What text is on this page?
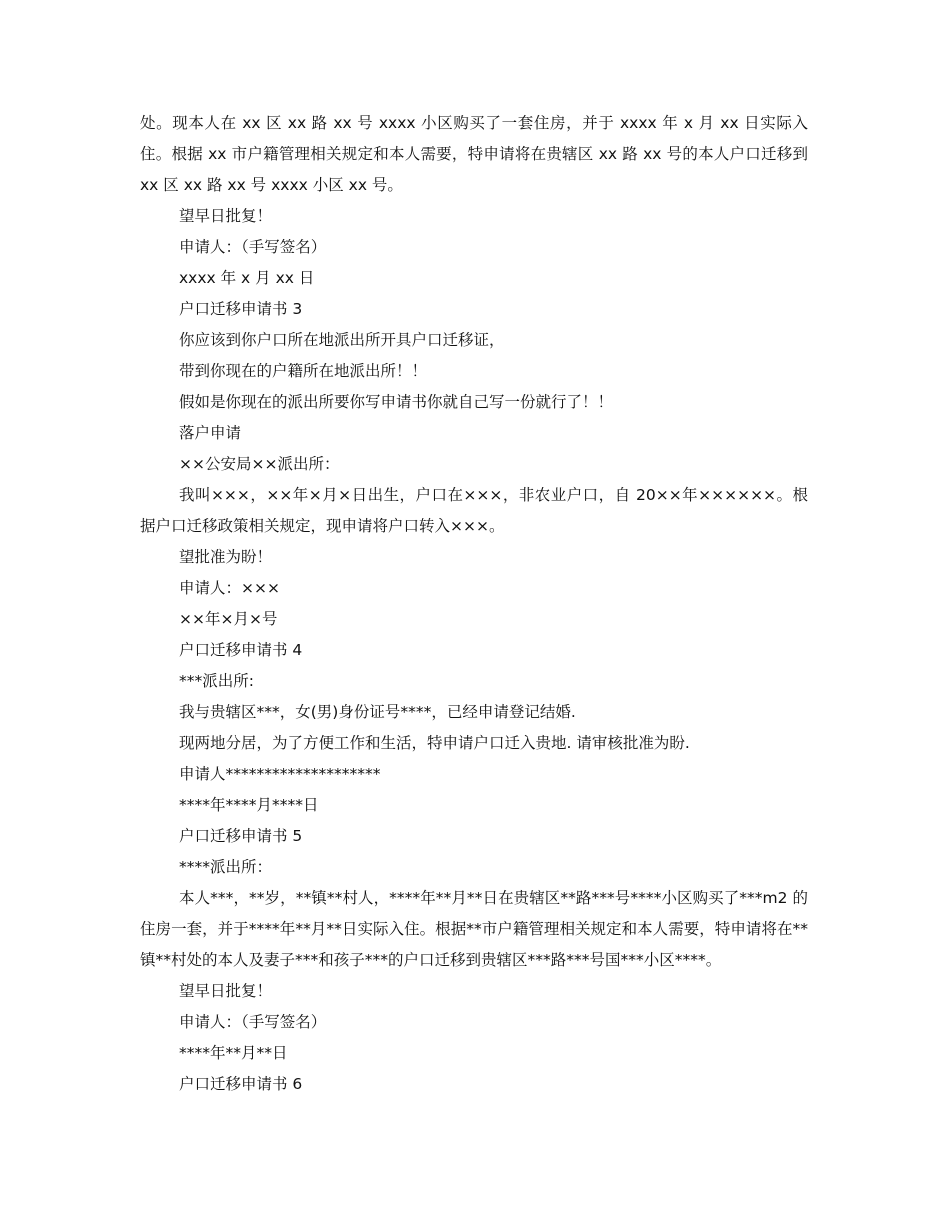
处。现本人在 xx 区 xx 路 xx 号 xxxx 小区购买了一套住房，并于 xxxx 年 x 月 xx 日实际入住。根据 xx 市户籍管理相关规定和本人需要，特申请将在贵辖区 xx 路 xx 号的本人户口迁移到 xx 区 xx 路 xx 号 xxxx 小区 xx 号。

望早日批复！

申请人：（手写签名）

xxxx 年 x 月 xx 日

户口迁移申请书 3

你应该到你户口所在地派出所开具户口迁移证，

带到你现在的户籍所在地派出所！！

假如是你现在的派出所要你写申请书你就自己写一份就行了！！

落户申请

××公安局××派出所：

我叫×××，××年×月×日出生，户口在×××，非农业户口，自 20××年××××××。根据户口迁移政策相关规定，现申请将户口转入×××。

望批准为盼！

申请人：×××

××年×月×号

户口迁移申请书 4

***派出所:

我与贵辖区***，女(男)身份证号****，已经申请登记结婚.

现两地分居，为了方便工作和生活，特申请户口迁入贵地. 请审核批准为盼.

申请人********************

****年****月****日

户口迁移申请书 5

****派出所：

本人***，**岁，**镇**村人，****年**月**日在贵辖区**路***号****小区购买了***m2 的住房一套，并于****年**月**日实际入住。根据**市户籍管理相关规定和本人需要，特申请将在**镇**村处的本人及妻子***和孩子***的户口迁移到贵辖区***路***号国***小区****。

望早日批复！

申请人：（手写签名）

****年**月**日

户口迁移申请书 6
